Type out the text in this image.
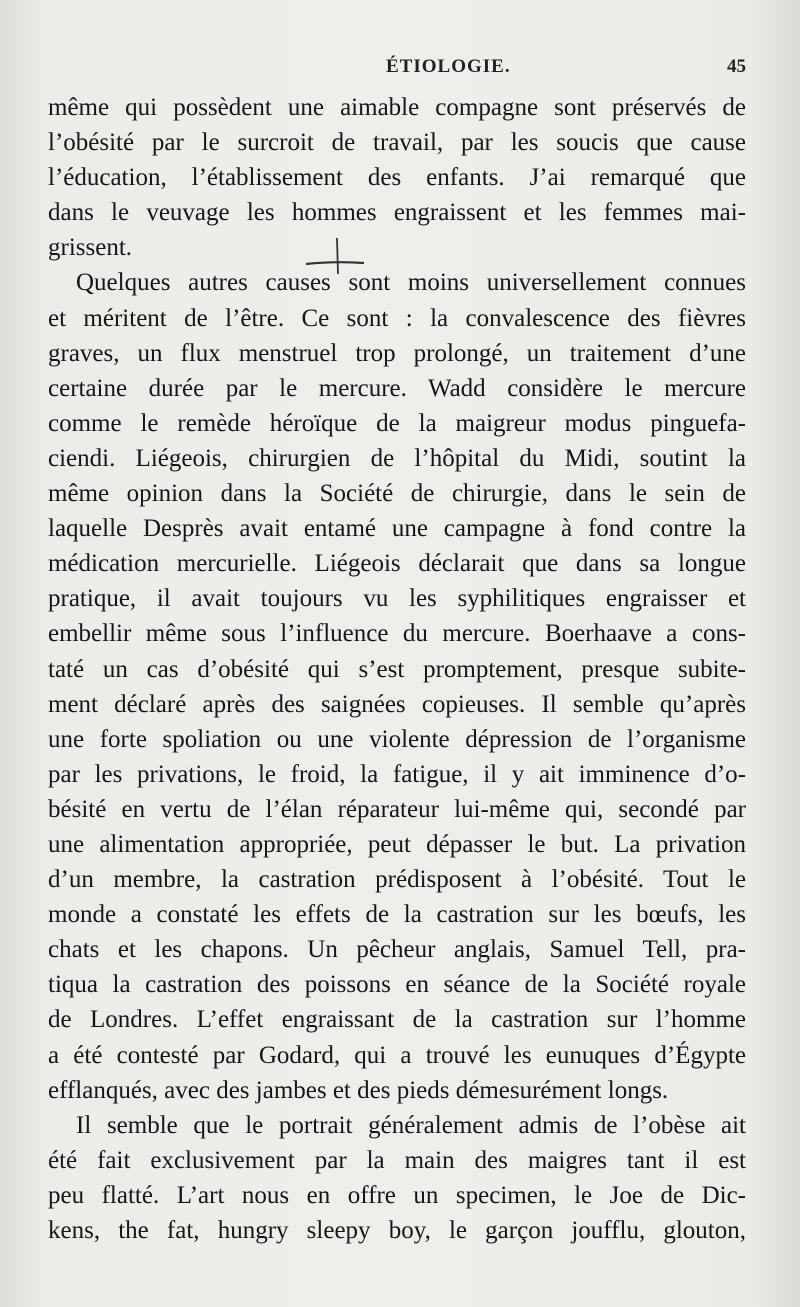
ÉTIOLOGIE.	45
même qui possèdent une aimable compagne sont préservés de
l’obésité par le surcroit de travail, par les soucis que cause
l’éducation, l’établissement des enfants. J’ai remarqué que
dans le veuvage les hommes engraissent et les femmes mai-
grissent.
Quelques autres causes sont moins universellement connues
et méritent de l’être. Ce sont : la convalescence des fièvres
graves, un flux menstruel trop prolongé, un traitement d’une
certaine durée par le mercure. Wadd considère le mercure
comme le remède héroïque de la maigreur modus pinguefa-
ciendi. Liégeois, chirurgien de l’hôpital du Midi, soutint la
même opinion dans la Société de chirurgie, dans le sein de
laquelle Desprès avait entamé une campagne à fond contre la
médication mercurielle. Liégeois déclarait que dans sa longue
pratique, il avait toujours vu les syphilitiques engraisser et
embellir même sous l’influence du mercure. Boerhaave a cons-
taté un cas d’obésité qui s’est promptement, presque subite-
ment déclaré après des saignées copieuses. Il semble qu’après
une forte spoliation ou une violente dépression de l’organisme
par les privations, le froid, la fatigue, il y ait imminence d’o-
bésité en vertu de l’élan réparateur lui-même qui, secondé par
une alimentation appropriée, peut dépasser le but. La privation
d’un membre, la castration prédisposent à l’obésité. Tout le
monde a constaté les effets de la castration sur les bœufs, les
chats et les chapons. Un pêcheur anglais, Samuel Tell, pra-
tiqua la castration des poissons en séance de la Société royale
de Londres. L’effet engraissant de la castration sur l’homme
a été contesté par Godard, qui a trouvé les eunuques d’Égypte
efflanqués, avec des jambes et des pieds démesurément longs.
Il semble que le portrait généralement admis de l’obèse ait
été fait exclusivement par la main des maigres tant il est
peu flatté. L’art nous en offre un specimen, le Joe de Dic-
kens, the fat, hungry sleepy boy, le garçon joufflu, glouton,
